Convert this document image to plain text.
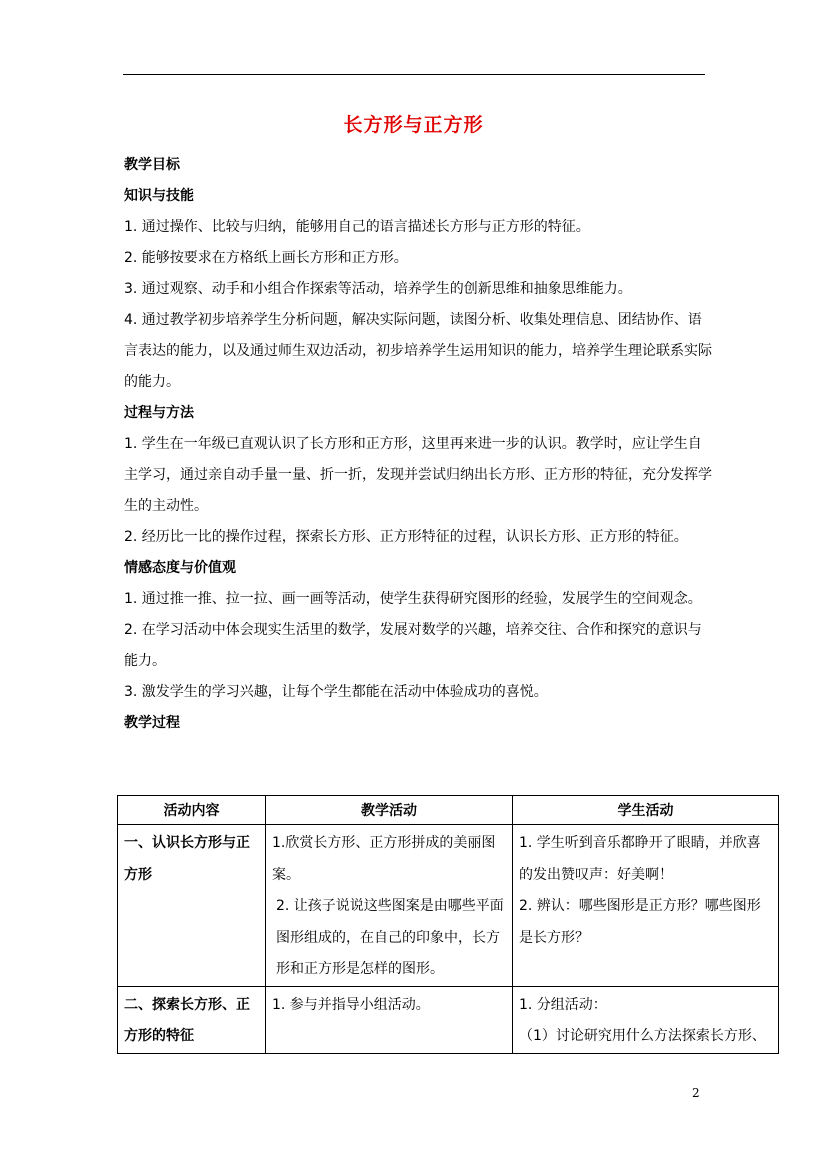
长方形与正方形

教学目标

知识与技能

1. 通过操作、比较与归纳，能够用自己的语言描述长方形与正方形的特征。

2. 能够按要求在方格纸上画长方形和正方形。

3. 通过观察、动手和小组合作探索等活动，培养学生的创新思维和抽象思维能力。

4. 通过教学初步培养学生分析问题，解决实际问题，读图分析、收集处理信息、团结协作、语言表达的能力，以及通过师生双边活动，初步培养学生运用知识的能力，培养学生理论联系实际的能力。

过程与方法

1. 学生在一年级已直观认识了长方形和正方形，这里再来进一步的认识。教学时，应让学生自主学习，通过亲自动手量一量、折一折，发现并尝试归纳出长方形、正方形的特征，充分发挥学生的主动性。

2. 经历比一比的操作过程，探索长方形、正方形特征的过程，认识长方形、正方形的特征。

情感态度与价值观

1. 通过推一推、拉一拉、画一画等活动，使学生获得研究图形的经验，发展学生的空间观念。

2. 在学习活动中体会现实生活里的数学，发展对数学的兴趣，培养交往、合作和探究的意识与能力。

3. 激发学生的学习兴趣，让每个学生都能在活动中体验成功的喜悦。

教学过程

活动内容	教学活动	学生活动
一、认识长方形与正方形	1.欣赏长方形、正方形拼成的美丽图案。
2. 让孩子说说这些图案是由哪些平面图形组成的，在自己的印象中，长方形和正方形是怎样的图形。	1. 学生听到音乐都睁开了眼睛，并欣喜的发出赞叹声：好美啊！
2. 辨认：哪些图形是正方形？哪些图形是长方形？

二、探索长方形、正方形的特征	1. 参与并指导小组活动。	1. 分组活动：
（1）讨论研究用什么方法探索长方形、
2
